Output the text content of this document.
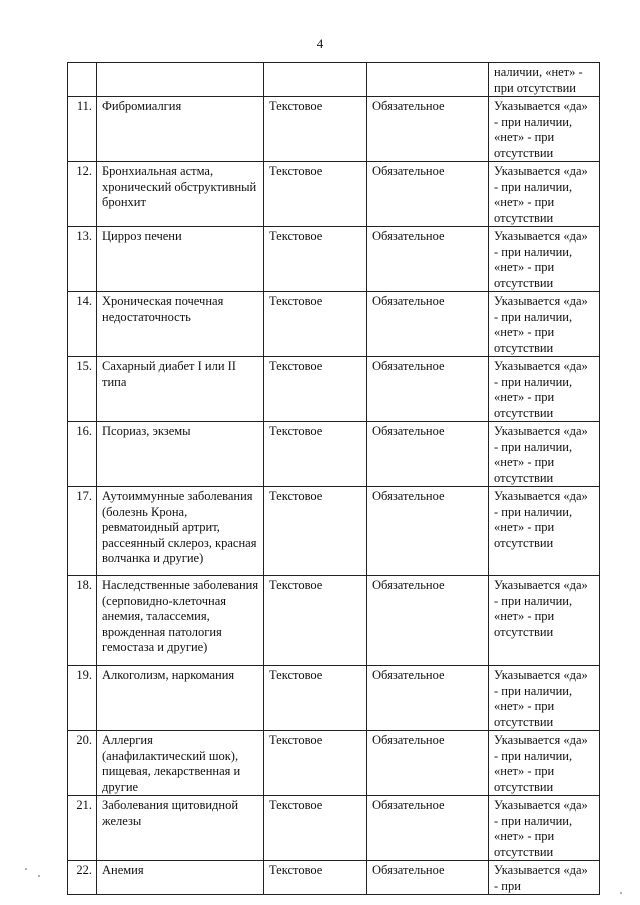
4
				наличии, «нет» - при отсутствии
11.	Фибромиалгия	Текстовое	Обязательное	Указывается «да» - при наличии, «нет» - при отсутствии
12.	Бронхиальная астма, хронический обструктивный бронхит	Текстовое	Обязательное	Указывается «да» - при наличии, «нет» - при отсутствии
13.	Цирроз печени	Текстовое	Обязательное	Указывается «да» - при наличии, «нет» - при отсутствии
14.	Хроническая почечная недостаточность	Текстовое	Обязательное	Указывается «да» - при наличии, «нет» - при отсутствии
15.	Сахарный диабет I или II типа	Текстовое	Обязательное	Указывается «да» - при наличии, «нет» - при отсутствии
16.	Псориаз, экземы	Текстовое	Обязательное	Указывается «да» - при наличии, «нет» - при отсутствии
17.	Аутоиммунные заболевания (болезнь Крона, ревматоидный артрит, рассеянный склероз, красная волчанка и другие)	Текстовое	Обязательное	Указывается «да» - при наличии, «нет» - при отсутствии
18.	Наследственные заболевания (серповидно-клеточная анемия, талассемия, врожденная патология гемостаза и другие)	Текстовое	Обязательное	Указывается «да» - при наличии, «нет» - при отсутствии
19.	Алкоголизм, наркомания	Текстовое	Обязательное	Указывается «да» - при наличии, «нет» - при отсутствии
20.	Аллергия (анафилактический шок), пищевая, лекарственная и другие	Текстовое	Обязательное	Указывается «да» - при наличии, «нет» - при отсутствии
21.	Заболевания щитовидной железы	Текстовое	Обязательное	Указывается «да» - при наличии, «нет» - при отсутствии
22.	Анемия	Текстовое	Обязательное	Указывается «да» - при
